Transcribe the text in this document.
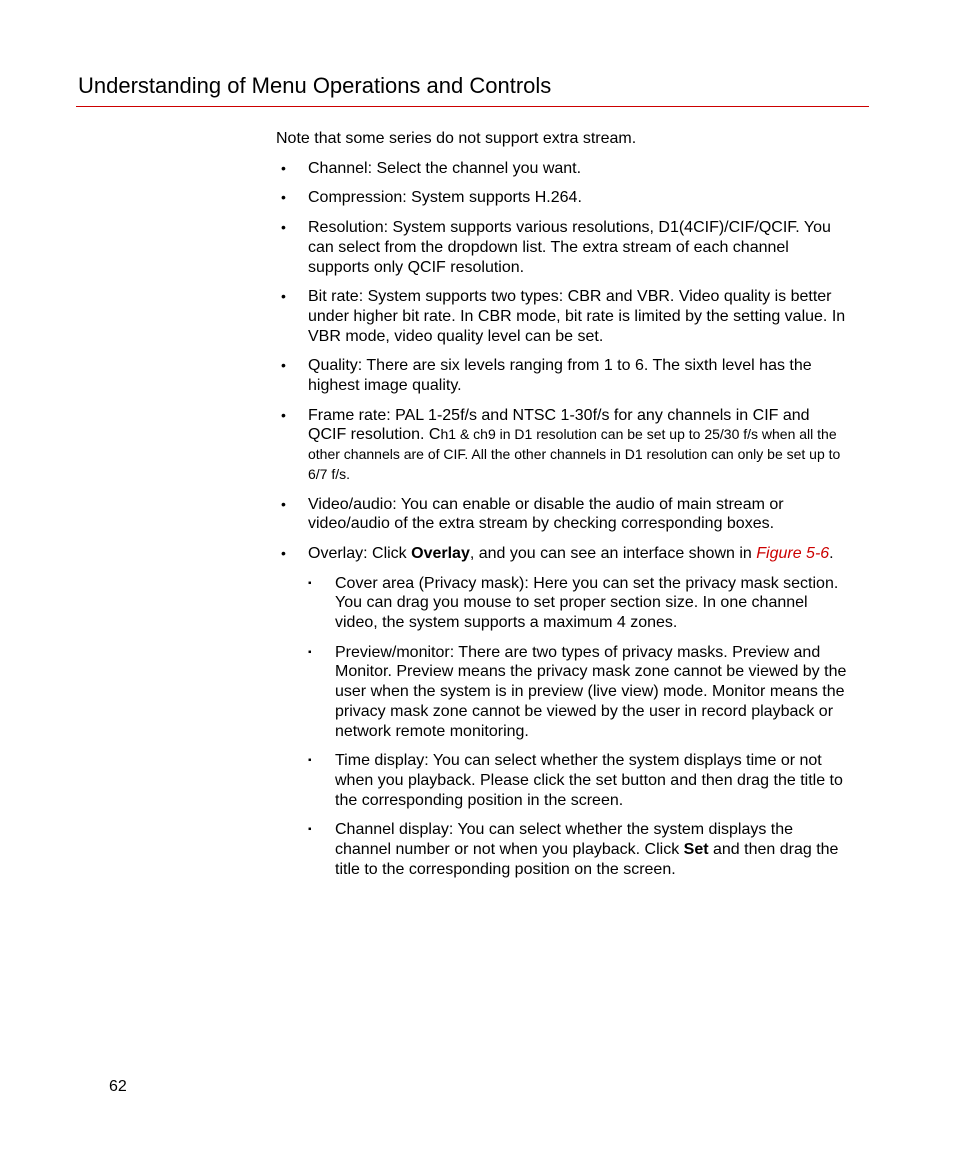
Understanding of Menu Operations and Controls

Note that some series do not support extra stream.

• Channel: Select the channel you want.
• Compression: System supports H.264.
• Resolution: System supports various resolutions, D1(4CIF)/CIF/QCIF. You can select from the dropdown list. The extra stream of each channel supports only QCIF resolution.
• Bit rate: System supports two types: CBR and VBR. Video quality is better under higher bit rate. In CBR mode, bit rate is limited by the setting value. In VBR mode, video quality level can be set.
• Quality: There are six levels ranging from 1 to 6. The sixth level has the highest image quality.
• Frame rate: PAL 1-25f/s and NTSC 1-30f/s for any channels in CIF and QCIF resolution. Ch1 & ch9 in D1 resolution can be set up to 25/30 f/s when all the other channels are of CIF. All the other channels in D1 resolution can only be set up to 6/7 f/s.
• Video/audio: You can enable or disable the audio of main stream or video/audio of the extra stream by checking corresponding boxes.
• Overlay: Click Overlay, and you can see an interface shown in Figure 5-6.
▪ Cover area (Privacy mask): Here you can set the privacy mask section. You can drag you mouse to set proper section size. In one channel video, the system supports a maximum 4 zones.
▪ Preview/monitor: There are two types of privacy masks. Preview and Monitor. Preview means the privacy mask zone cannot be viewed by the user when the system is in preview (live view) mode. Monitor means the privacy mask zone cannot be viewed by the user in record playback or network remote monitoring.
▪ Time display: You can select whether the system displays time or not when you playback. Please click the set button and then drag the title to the corresponding position in the screen.
▪ Channel display: You can select whether the system displays the channel number or not when you playback. Click Set and then drag the title to the corresponding position on the screen.
62
